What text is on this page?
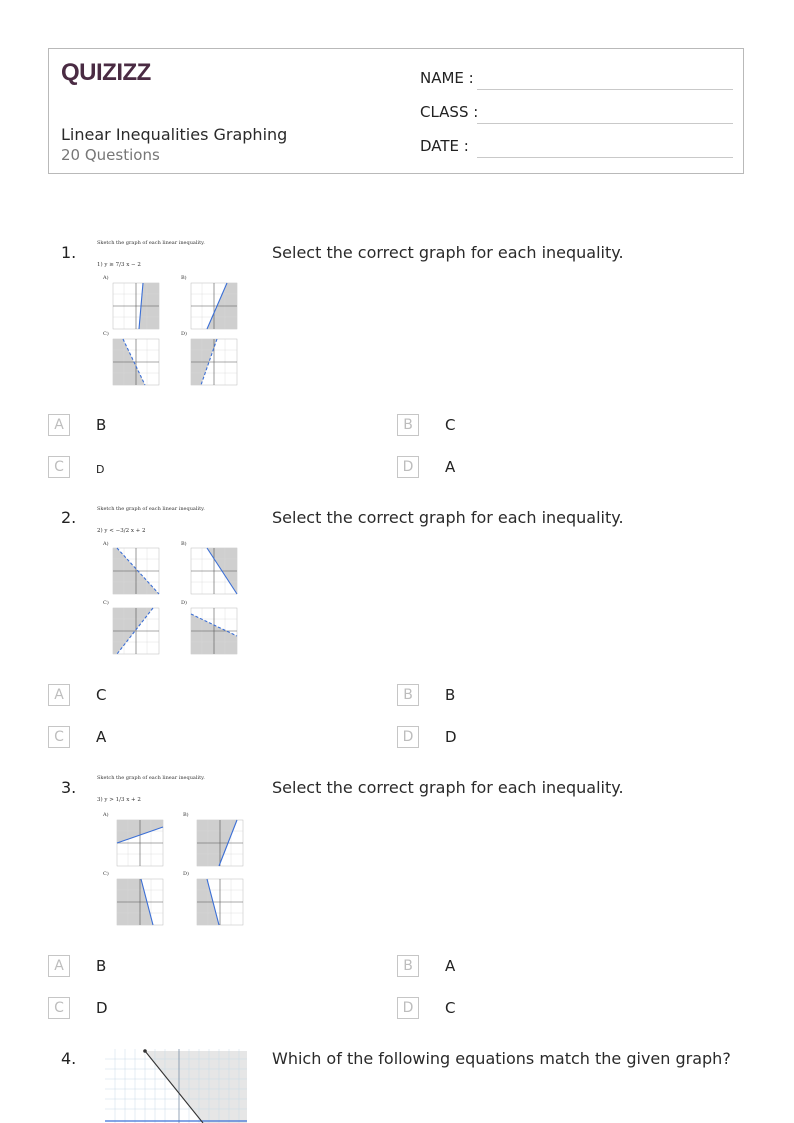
QUIZIZZ
Linear Inequalities Graphing
20 Questions
NAME :
CLASS :
DATE :
1.	Select the correct graph for each inequality.
Sketch the graph of each linear inequality.
1) y ≥ 7/3 x − 2
A)	B)
C)	D)
A	B	B	C
C	D	D	A
2.	Select the correct graph for each inequality.
Sketch the graph of each linear inequality.
2) y < −3/2 x + 2
A)	B)
C)	D)
A	C	B	B
C	A	D	D
3.	Select the correct graph for each inequality.
Sketch the graph of each linear inequality.
3) y > 1/3 x + 2
A)	B)
C)	D)
A	B	B	A
C	D	D	C
4.	Which of the following equations match the given graph?
